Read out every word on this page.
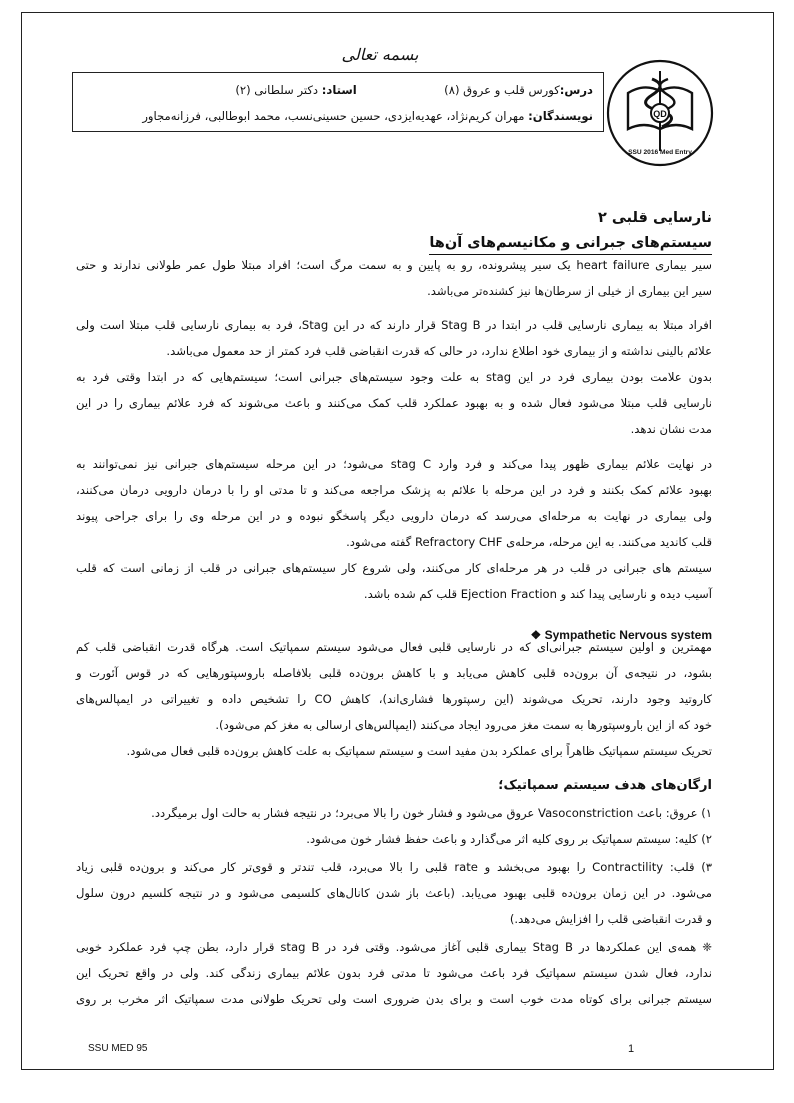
بسمه تعالی
درس:کورس قلب و عروق (۸)  استاد: دکتر سلطانی (۲)
نویسندگان: مهران کریم‌نژاد، عهدیه‌ایزدی، حسین حسینی‌نسب، محمد ابوطالبی، فرزانه‌مجاور	QD
SSU 2016 Med Entry
نارسایی قلبی ۲
سیستم‌های جبرانی و مکانیسم‌های آن‌ها
سیر بیماری heart failure یک سیر پیشرونده، رو به پایین و به سمت مرگ است؛ افراد مبتلا طول عمر طولانی ندارند و حتی
سیر این بیماری از خیلی از سرطان‌ها نیز کشنده‌تر می‌باشد.
افراد مبتلا به بیماری نارسایی قلب در ابتدا در Stag B قرار دارند که در این Stag، فرد به بیماری نارسایی قلب مبتلا است ولی
علائم بالینی نداشته و از بیماری خود اطلاع ندارد، در حالی که قدرت انقباضی قلب فرد کمتر از حد معمول می‌باشد.
بدون علامت بودن بیماری فرد در این stag به علت وجود سیستم‌های جبرانی است؛ سیستم‌هایی که در ابتدا وقتی فرد به
نارسایی قلب مبتلا می‌شود فعال شده و به بهبود عملکرد قلب کمک می‌کنند و باعث می‌شوند که فرد علائم بیماری را در این
مدت نشان ندهد.
در نهایت علائم بیماری ظهور پیدا می‌کند و فرد وارد stag C می‌شود؛ در این مرحله سیستم‌های جبرانی نیز نمی‌توانند به
بهبود علائم کمک بکنند و فرد در این مرحله با علائم به پزشک مراجعه می‌کند و تا مدتی او را با درمان دارویی درمان می‌کنند،
ولی بیماری در نهایت به مرحله‌ای می‌رسد که درمان دارویی دیگر پاسخگو نبوده و در این مرحله وی را برای جراحی پیوند
قلب کاندید می‌کنند. به این مرحله، مرحله‌ی Refractory CHF گفته می‌شود.
سیستم های جبرانی در قلب در هر مرحله‌ای کار می‌کنند، ولی شروع کار سیستم‌های جبرانی در قلب از زمانی است که قلب
آسیب دیده و نارسایی پیدا کند و Ejection Fraction قلب کم شده باشد.
❖ Sympathetic Nervous system
مهمترین و اولین سیستم جبرانی‌ای که در نارسایی قلبی فعال می‌شود سیستم سمپاتیک است. هرگاه قدرت انقباضی قلب کم
بشود، در نتیجه‌ی آن برون‌ده قلبی کاهش می‌یابد و با کاهش برون‌ده قلبی بلافاصله باروسپتورهایی که در قوس آئورت و
کاروتید وجود دارند، تحریک می‌شوند (این رسپتورها فشاری‌اند)، کاهش CO را تشخیص داده و تغییراتی در ایمپالس‌های
خود که از این باروسپتورها به سمت مغز می‌رود ایجاد می‌کنند (ایمپالس‌های ارسالی به مغز کم می‌شود).
تحریک سیستم سمپاتیک ظاهراً برای عملکرد بدن مفید است و سیستم سمپاتیک به علت کاهش برون‌ده قلبی فعال می‌شود.
ارگان‌های هدف سیستم سمپاتیک؛
۱) عروق: باعث Vasoconstriction عروق می‌شود و فشار خون را بالا می‌برد؛ در نتیجه فشار به حالت اول برمیگردد.
۲) کلیه: سیستم سمپاتیک بر روی کلیه اثر می‌گذارد و باعث حفظ فشار خون می‌شود.
۳) قلب: Contractility را بهبود می‌بخشد و rate قلبی را بالا می‌برد، قلب تندتر و قوی‌تر کار می‌کند و برون‌ده قلبی زیاد
می‌شود. در این زمان برون‌ده قلبی بهبود می‌یابد. (باعث باز شدن کانال‌های کلسیمی می‌شود و در نتیجه کلسیم درون سلول
و قدرت انقباضی قلب را افزایش می‌دهد.)
❈ همه‌ی این عملکردها در Stag B بیماری قلبی آغاز می‌شود. وقتی فرد در stag B قرار دارد، بطن چپ فرد عملکرد خوبی
ندارد، فعال شدن سیستم سمپاتیک فرد باعث می‌شود تا مدتی فرد بدون علائم بیماری زندگی کند. ولی در واقع تحریک این
سیستم جبرانی برای کوتاه مدت خوب است و برای بدن ضروری است ولی تحریک طولانی مدت سمپاتیک اثر مخرب بر روی
SSU MED 95	1
